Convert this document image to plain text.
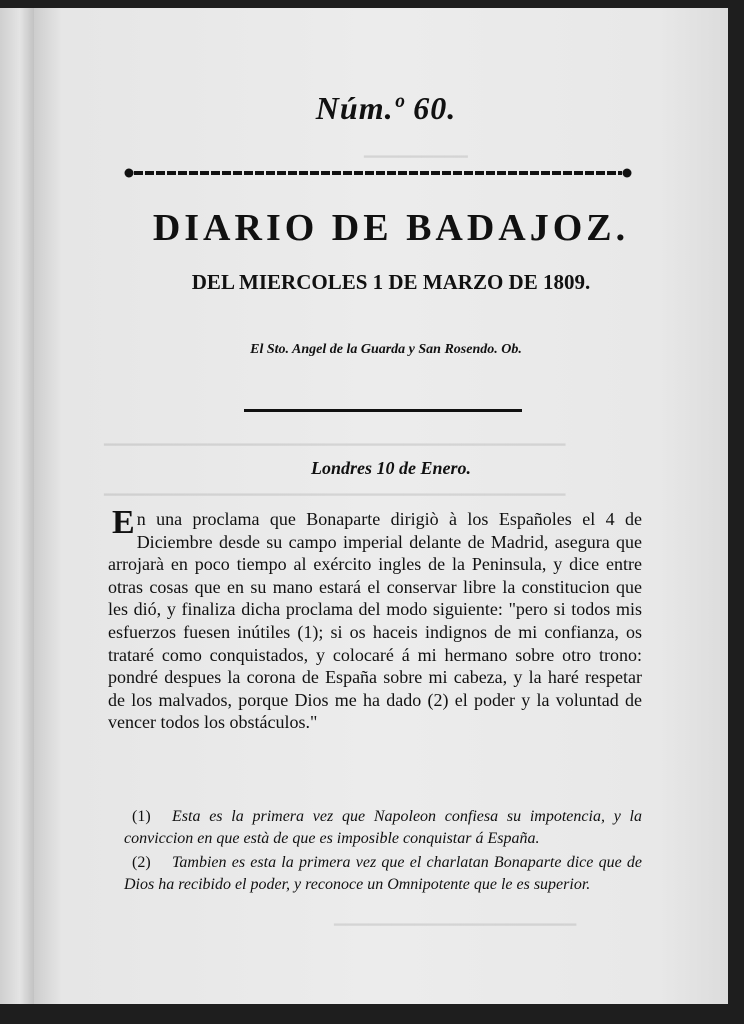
▁▁▁▁▁▁▁▁▁
▁▁▁▁▁▁▁▁▁▁▁▁▁▁▁▁▁▁▁▁▁▁▁▁▁▁▁▁▁▁▁▁▁▁▁▁▁▁▁▁
▁▁▁▁▁▁▁▁▁▁▁▁▁▁▁▁▁▁▁▁▁▁▁▁▁▁▁▁▁▁▁▁▁▁▁▁▁▁▁▁
▁▁▁▁▁▁▁▁▁▁▁▁▁▁▁▁▁▁▁▁▁
Núm.º 60.
DIARIO DE BADAJOZ.
DEL MIERCOLES 1 DE MARZO DE 1809.
El Sto. Angel de la Guarda y San Rosendo. Ob.
Londres 10 de Enero.

En una proclama que Bonaparte dirigiò à los Españoles el 4 de Diciembre desde su campo imperial delante de Madrid, asegura que arrojarà en poco tiempo al exército ingles de la Peninsula, y dice entre otras cosas que en su mano estará el conservar libre la constitucion que les dió, y finaliza dicha proclama del modo siguiente: "pero si todos mis esfuerzos fuesen inútiles (1); si os haceis indignos de mi confianza, os trataré como conquistados, y colocaré á mi hermano sobre otro trono: pondré despues la corona de España sobre mi cabeza, y la haré respetar de los malvados, porque Dios me ha dado (2) el poder y la voluntad de vencer todos los obstáculos."

(1) Esta es la primera vez que Napoleon confiesa su impotencia, y la conviccion en que està de que es imposible conquistar á España.
(2) Tambien es esta la primera vez que el charlatan Bonaparte dice que de Dios ha recibido el poder, y reconoce un Omnipotente que le es superior.
